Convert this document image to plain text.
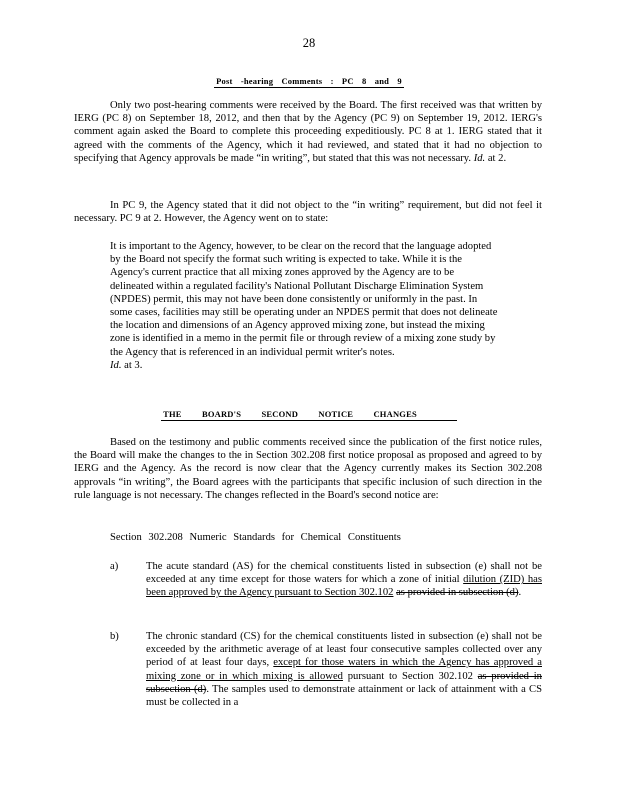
28
Post -hearing Comments : PC 8 and 9

Only two post-hearing comments were received by the Board. The first received was that written by IERG (PC 8) on September 18, 2012, and then that by the Agency (PC 9) on September 19, 2012. IERG's comment again asked the Board to complete this proceeding expeditiously. PC 8 at 1. IERG stated that it agreed with the comments of the Agency, which it had reviewed, and stated that it had no objection to specifying that Agency approvals be made “in writing”, but stated that this was not necessary. Id. at 2.

In PC 9, the Agency stated that it did not object to the “in writing” requirement, but did not feel it necessary. PC 9 at 2. However, the Agency went on to state:

It is important to the Agency, however, to be clear on the record that the language adopted by the Board not specify the format such writing is expected to take. While it is the Agency's current practice that all mixing zones approved by the Agency are to be delineated within a regulated facility's National Pollutant Discharge Elimination System (NPDES) permit, this may not have been done consistently or uniformly in the past. In some cases, facilities may still be operating under an NPDES permit that does not delineate the location and dimensions of an Agency approved mixing zone, but instead the mixing zone is identified in a memo in the permit file or through review of a mixing zone study by the Agency that is referenced in an individual permit writer's notes.
Id. at 3.

THE BOARD'S SECOND NOTICE CHANGES

Based on the testimony and public comments received since the publication of the first notice rules, the Board will make the changes to the in Section 302.208 first notice proposal as proposed and agreed to by IERG and the Agency. As the record is now clear that the Agency currently makes its Section 302.208 approvals “in writing”, the Board agrees with the participants that specific inclusion of such direction in the rule language is not necessary. The changes reflected in the Board's second notice are:

Section 302.208 Numeric Standards for Chemical Constituents
a)	The acute standard (AS) for the chemical constituents listed in subsection (e) shall not be exceeded at any time except for those waters for which a zone of initial dilution (ZID) has been approved by the Agency pursuant to Section 302.102 as provided in subsection (d).

b)	The chronic standard (CS) for the chemical constituents listed in subsection (e) shall not be exceeded by the arithmetic average of at least four consecutive samples collected over any period of at least four days, except for those waters in which the Agency has approved a mixing zone or in which mixing is allowed pursuant to Section 302.102 as provided in subsection (d). The samples used to demonstrate attainment or lack of attainment with a CS must be collected in a
